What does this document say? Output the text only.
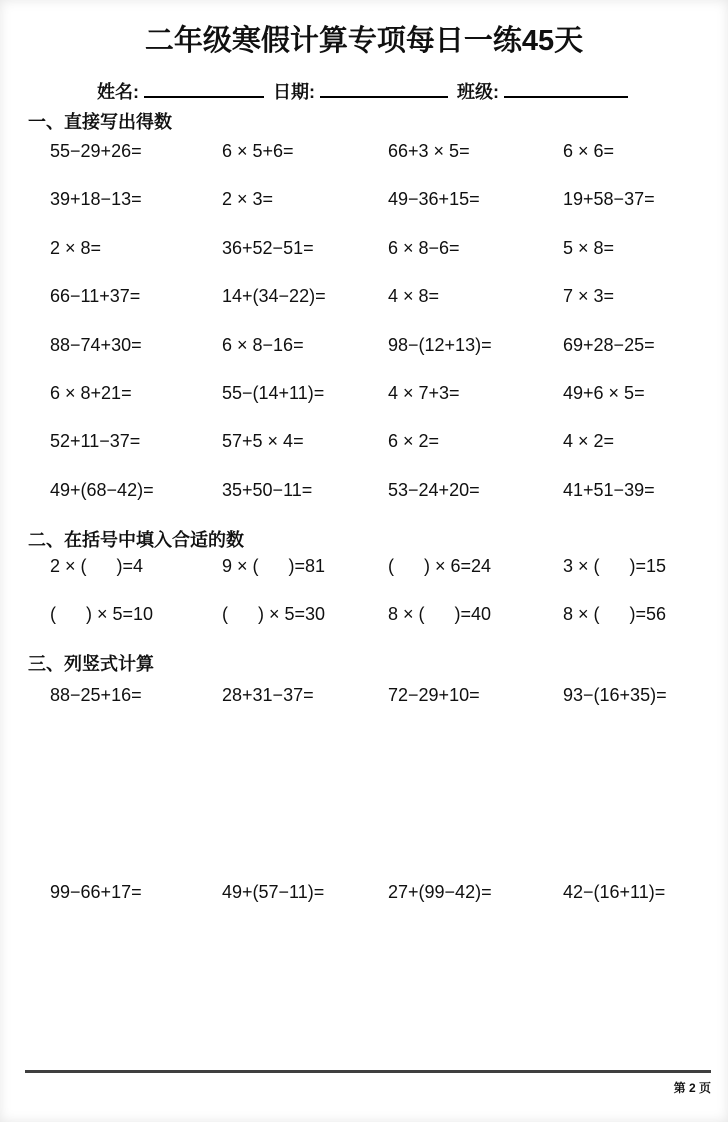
二年级寒假计算专项每日一练45天
姓名:	日期:	班级:
一、直接写出得数
55−29+26=	6 × 5+6=	66+3 × 5=	6 × 6=
39+18−13=	2 × 3=	49−36+15=	19+58−37=
2 × 8=	36+52−51=	6 × 8−6=	5 × 8=
66−11+37=	14+(34−22)=	4 × 8=	7 × 3=
88−74+30=	6 × 8−16=	98−(12+13)=	69+28−25=
6 × 8+21=	55−(14+11)=	4 × 7+3=	49+6 × 5=
52+11−37=	57+5 × 4=	6 × 2=	4 × 2=
49+(68−42)=	35+50−11=	53−24+20=	41+51−39=
二、在括号中填入合适的数
2 × (      )=4	9 × (      )=81	(      ) × 6=24	3 × (      )=15
(      ) × 5=10	(      ) × 5=30	8 × (      )=40	8 × (      )=56
三、列竖式计算
88−25+16=	28+31−37=	72−29+10=	93−(16+35)=
99−66+17=	49+(57−11)=	27+(99−42)=	42−(16+11)=
第 2 页
